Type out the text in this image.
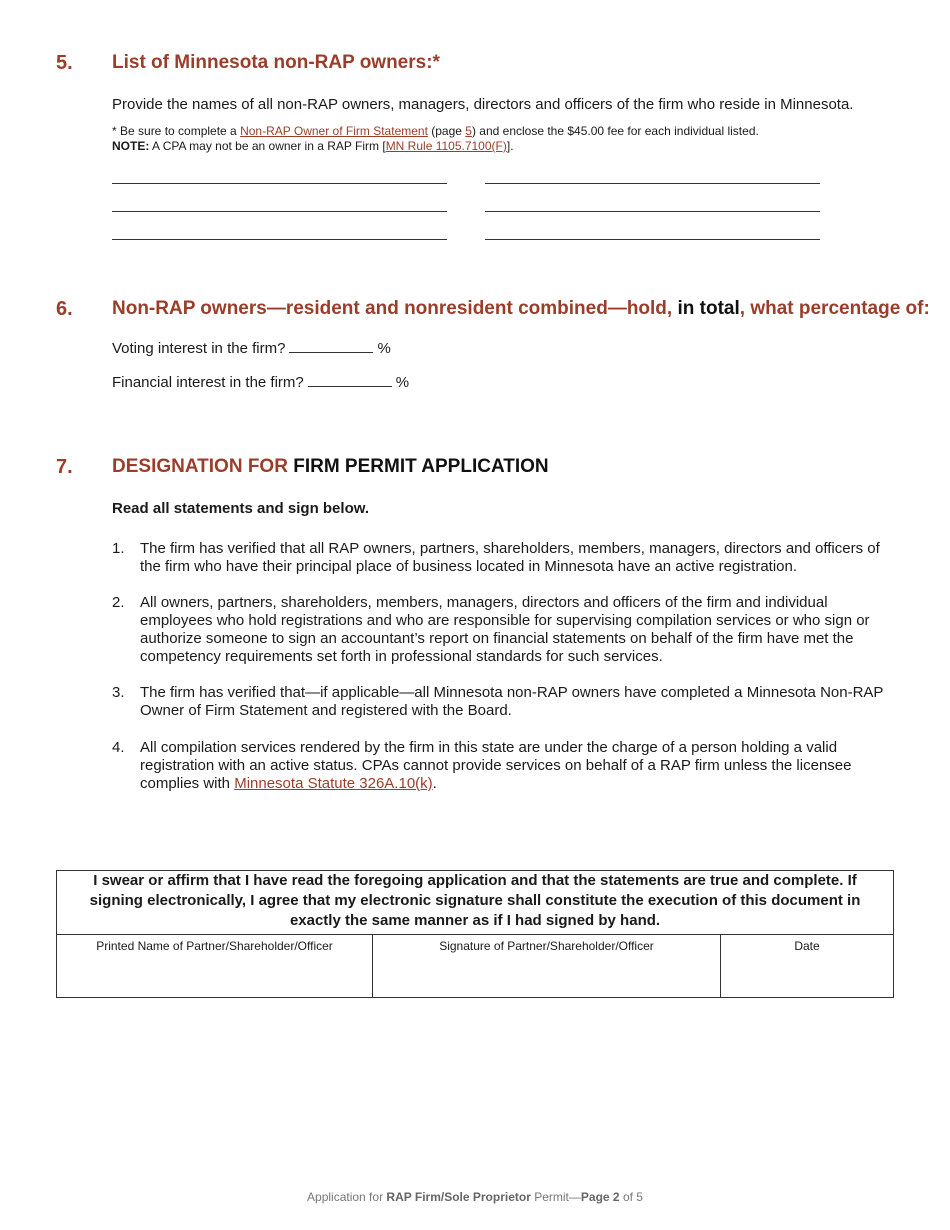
5. List of Minnesota non-RAP owners:*
Provide the names of all non-RAP owners, managers, directors and officers of the firm who reside in Minnesota.
* Be sure to complete a Non-RAP Owner of Firm Statement (page 5) and enclose the $45.00 fee for each individual listed.
NOTE: A CPA may not be an owner in a RAP Firm [MN Rule 1105.7100(F)].
6. Non-RAP owners—resident and nonresident combined—hold, in total, what percentage of:
Voting interest in the firm?	%
Financial interest in the firm?	%
7. DESIGNATION FOR FIRM PERMIT APPLICATION
Read all statements and sign below.
1.	The firm has verified that all RAP owners, partners, shareholders, members, managers, directors and officers of the firm who have their principal place of business located in Minnesota have an active registration.
2.	All owners, partners, shareholders, members, managers, directors and officers of the firm and individual employees who hold registrations and who are responsible for supervising compilation services or who sign or authorize someone to sign an accountant’s report on financial statements on behalf of the firm have met the competency requirements set forth in professional standards for such services.
3.	The firm has verified that—if applicable—all Minnesota non-RAP owners have completed a Minnesota Non-RAP Owner of Firm Statement and registered with the Board.
4.	All compilation services rendered by the firm in this state are under the charge of a person holding a valid registration with an active status. CPAs cannot provide services on behalf of a RAP firm unless the licensee complies with Minnesota Statute 326A.10(k).
I swear or affirm that I have read the foregoing application and that the statements are true and complete. If signing electronically, I agree that my electronic signature shall constitute the execution of this document in exactly the same manner as if I had signed by hand.
Printed Name of Partner/Shareholder/Officer	Signature of Partner/Shareholder/Officer	Date
Application for RAP Firm/Sole Proprietor Permit—Page 2 of 5
